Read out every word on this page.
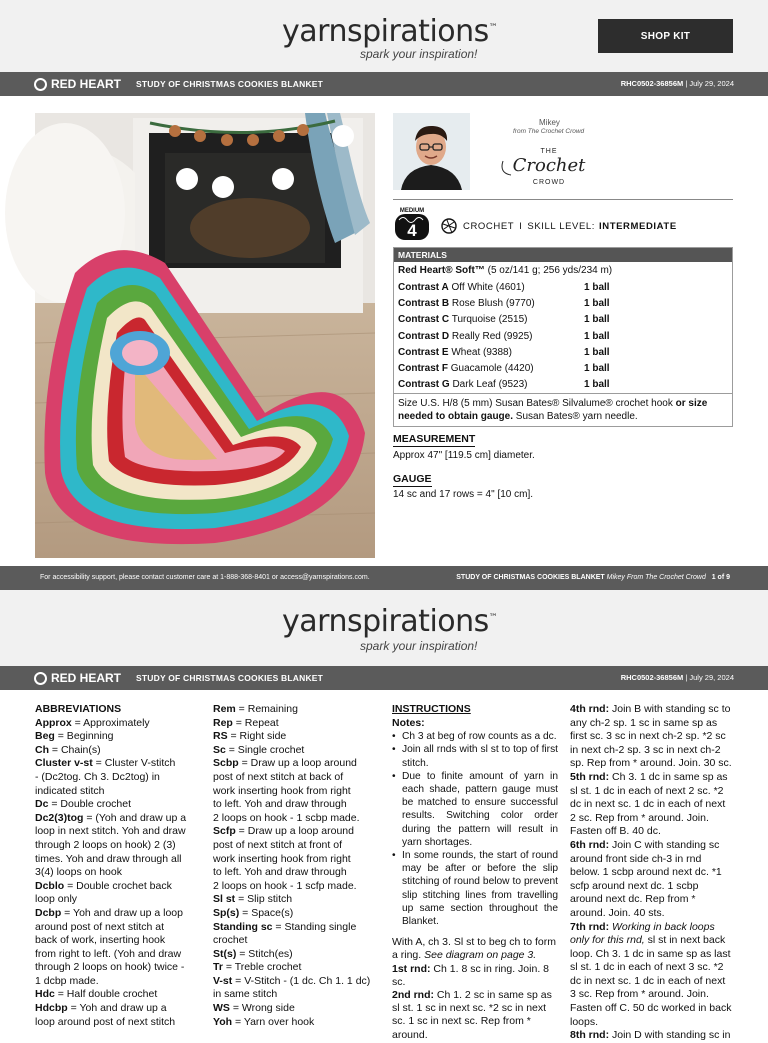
yarnspirations™
spark your inspiration!
SHOP KIT
RED HEART STUDY OF CHRISTMAS COOKIES BLANKET	RHC0502-36856M | July 29, 2024
Mikey
from The Crochet Crowd
THE
Crochet
CROWD
MEDIUM
4	CROCHET I SKILL LEVEL: INTERMEDIATE
MATERIALS
Red Heart® Soft™
(5 oz/141 g; 256 yds/234 m)
Contrast A Off White (4601)	1 ball
Contrast B Rose Blush (9770)	1 ball
Contrast C Turquoise (2515)	1 ball
Contrast D Really Red (9925)	1 ball
Contrast E Wheat (9388)	1 ball
Contrast F Guacamole (4420)	1 ball
Contrast G Dark Leaf (9523)	1 ball
Size U.S. H/8 (5 mm) Susan Bates® Silvalume® crochet hook or size needed to obtain gauge. Susan Bates® yarn needle.
MEASUREMENT
Approx 47" [119.5 cm] diameter.
GAUGE
14 sc and 17 rows = 4" [10 cm].
For accessibility support, please contact customer care at 1-888-368-8401 or access@yarnspirations.com.	STUDY OF CHRISTMAS COOKIES BLANKET Mikey From The Crochet Crowd 1 of 9
yarnspirations™
spark your inspiration!
RED HEART STUDY OF CHRISTMAS COOKIES BLANKET	RHC0502-36856M | July 29, 2024
ABBREVIATIONS
Approx = Approximately
Beg = Beginning
Ch = Chain(s)
Cluster v-st = Cluster V-stitch
- (Dc2tog. Ch 3. Dc2tog) in
indicated stitch
Dc = Double crochet
Dc2(3)tog = (Yoh and draw up a
loop in next stitch. Yoh and draw
through 2 loops on hook) 2 (3)
times. Yoh and draw through all
3(4) loops on hook
Dcblo = Double crochet back
loop only
Dcbp = Yoh and draw up a loop
around post of next stitch at
back of work, inserting hook
from right to left. (Yoh and draw
through 2 loops on hook) twice -
1 dcbp made.
Hdc = Half double crochet
Hdcbp = Yoh and draw up a
loop around post of next stitch
Rem = Remaining
Rep = Repeat
RS = Right side
Sc = Single crochet
Scbp = Draw up a loop around
post of next stitch at back of
work inserting hook from right
to left. Yoh and draw through
2 loops on hook - 1 scbp made.
Scfp = Draw up a loop around
post of next stitch at front of
work inserting hook from right
to left. Yoh and draw through
2 loops on hook - 1 scfp made.
Sl st = Slip stitch
Sp(s) = Space(s)
Standing sc = Standing single
crochet
St(s) = Stitch(es)
Tr = Treble crochet
V-st = V-Stitch - (1 dc. Ch 1. 1 dc)
in same stitch
WS = Wrong side
Yoh = Yarn over hook
INSTRUCTIONS
Notes:
• Ch 3 at beg of row counts as a dc.
• Join all rnds with sl st to top of first stitch.
• Due to finite amount of yarn in each shade, pattern gauge must be matched to ensure successful results. Switching color order during the pattern will result in yarn shortages.
• In some rounds, the start of round may be after or before the slip stitching of round below to prevent slip stitching lines from travelling up same section throughout the Blanket.
With A, ch 3. Sl st to beg ch to form a ring. See diagram on page 3.
1st rnd: Ch 1. 8 sc in ring. Join. 8 sc.
2nd rnd: Ch 1. 2 sc in same sp as sl st. 1 sc in next sc. *2 sc in next sc. 1 sc in next sc. Rep from * around.
4th rnd: Join B with standing sc to any ch-2 sp. 1 sc in same sp as first sc. 3 sc in next ch-2 sp. *2 sc in next ch-2 sp. 3 sc in next ch-2 sp. Rep from * around. Join. 30 sc.
5th rnd: Ch 3. 1 dc in same sp as sl st. 1 dc in each of next 2 sc. *2 dc in next sc. 1 dc in each of next 2 sc. Rep from * around. Join. Fasten off B. 40 dc.
6th rnd: Join C with standing sc around front side ch-3 in rnd below. 1 scbp around next dc. *1 scfp around next dc. 1 scbp around next dc. Rep from * around. Join. 40 sts.
7th rnd: Working in back loops only for this rnd, sl st in next back loop. Ch 3. 1 dc in same sp as last sl st. 1 dc in each of next 3 sc. *2 dc in next sc. 1 dc in each of next 3 sc. Rep from * around. Join. Fasten off C. 50 dc worked in back loops.
8th rnd: Join D with standing sc in
